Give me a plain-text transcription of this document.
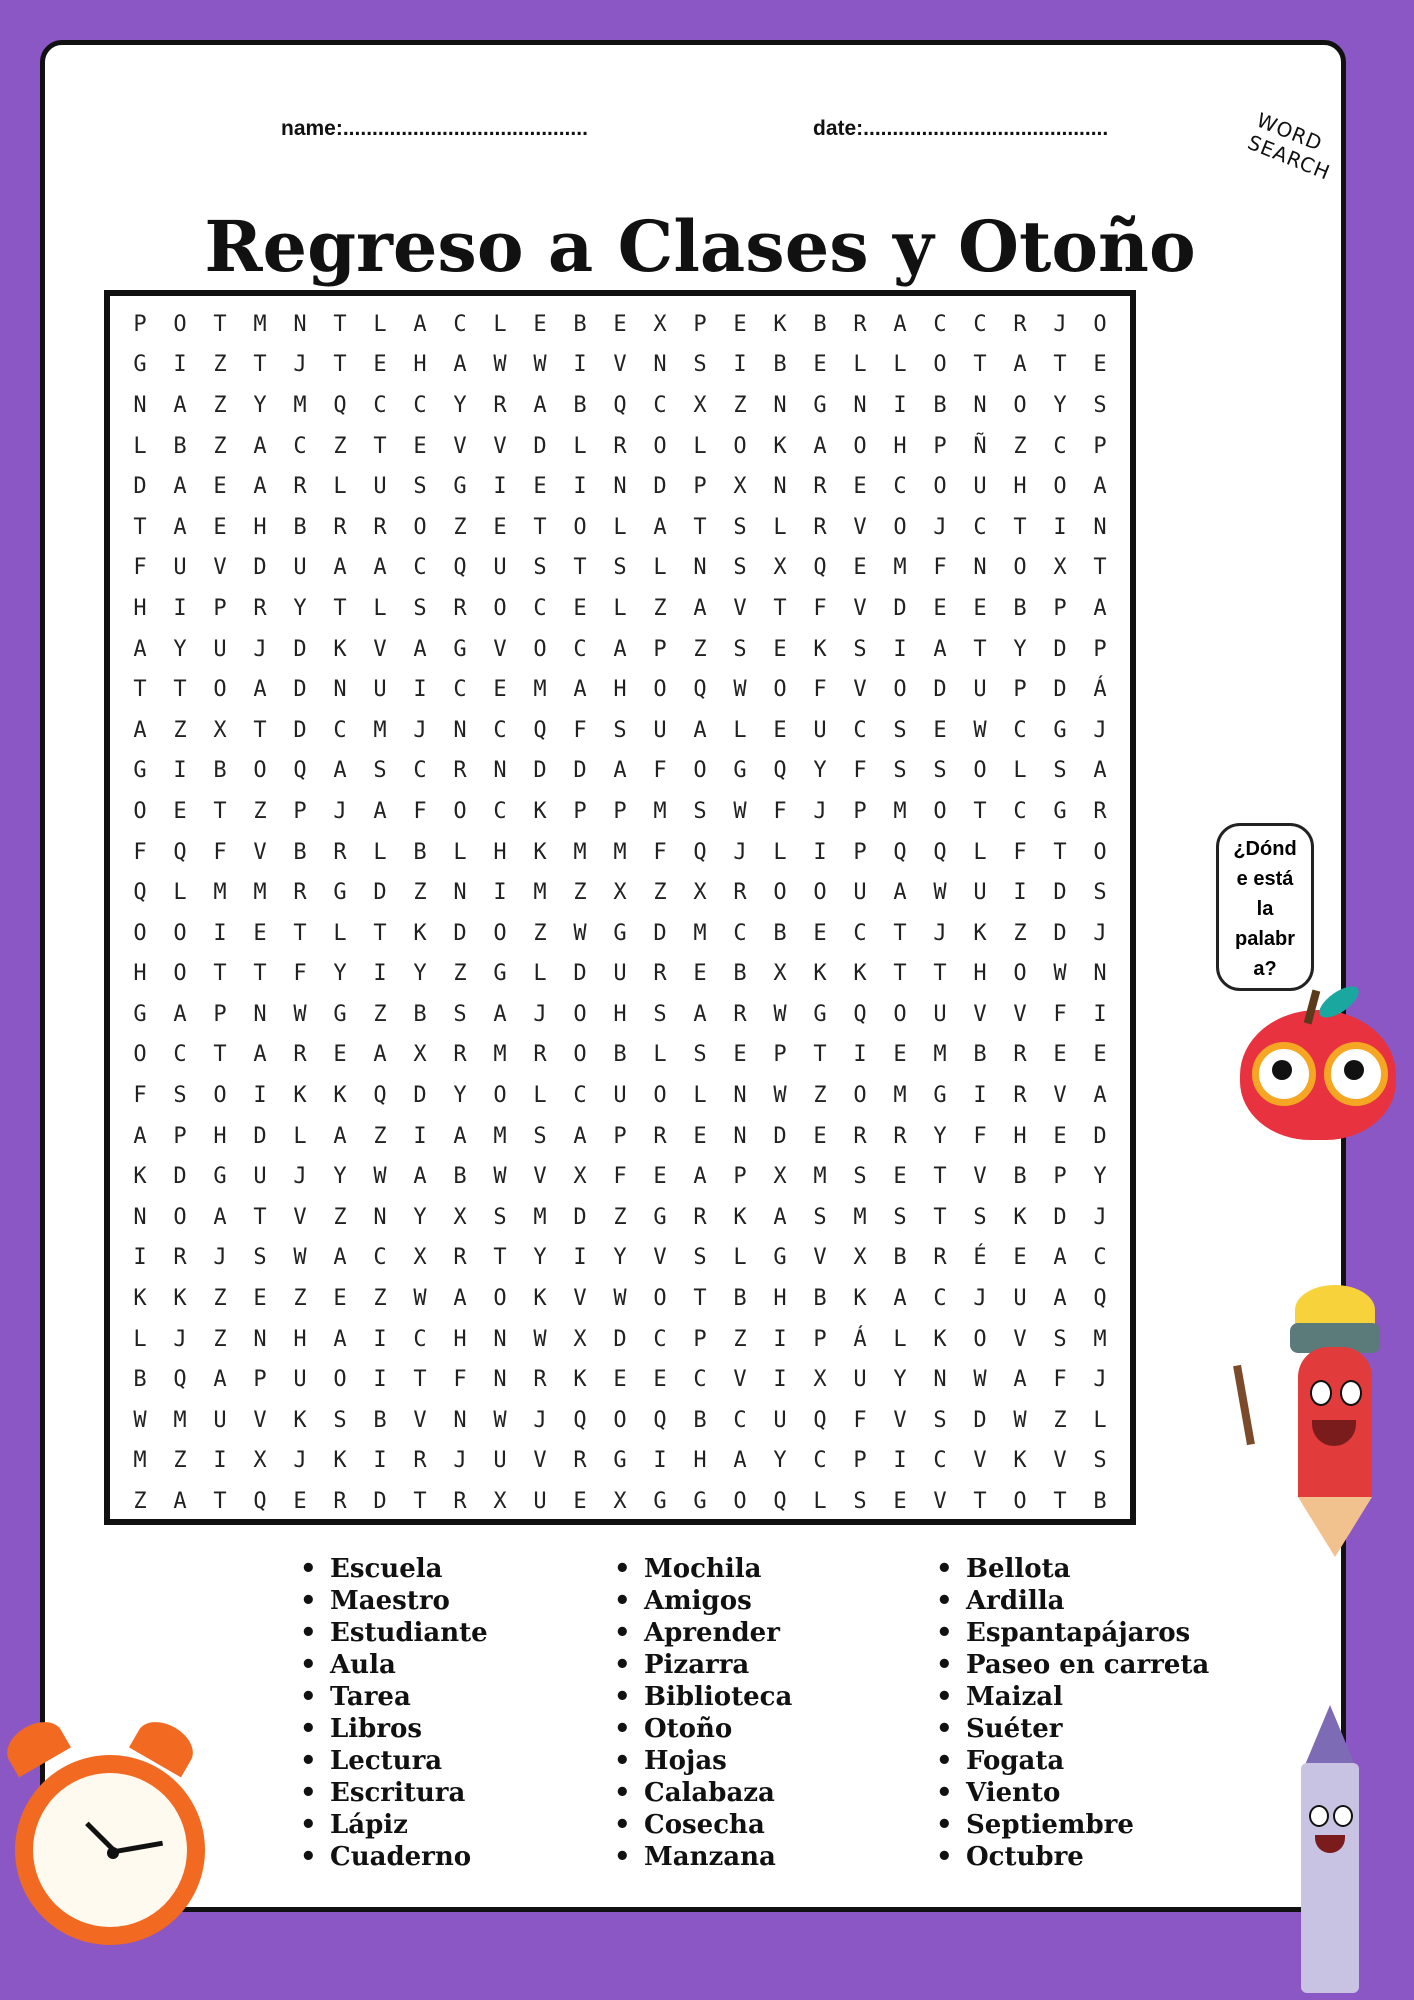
name:..........................................	date:..........................................	WORD SEARCH
Regreso a Clases y Otoño
P	O	T	M	N	T	L	A	C	L	E	B	E	X	P	E	K	B	R	A	C	C	R	J	O
G	I	Z	T	J	T	E	H	A	W	W	I	V	N	S	I	B	E	L	L	O	T	A	T	E
N	A	Z	Y	M	Q	C	C	Y	R	A	B	Q	C	X	Z	N	G	N	I	B	N	O	Y	S
L	B	Z	A	C	Z	T	E	V	V	D	L	R	O	L	O	K	A	O	H	P	Ñ	Z	C	P
D	A	E	A	R	L	U	S	G	I	E	I	N	D	P	X	N	R	E	C	O	U	H	O	A
T	A	E	H	B	R	R	O	Z	E	T	O	L	A	T	S	L	R	V	O	J	C	T	I	N
F	U	V	D	U	A	A	C	Q	U	S	T	S	L	N	S	X	Q	E	M	F	N	O	X	T
H	I	P	R	Y	T	L	S	R	O	C	E	L	Z	A	V	T	F	V	D	E	E	B	P	A
A	Y	U	J	D	K	V	A	G	V	O	C	A	P	Z	S	E	K	S	I	A	T	Y	D	P
T	T	O	A	D	N	U	I	C	E	M	A	H	O	Q	W	O	F	V	O	D	U	P	D	Á
A	Z	X	T	D	C	M	J	N	C	Q	F	S	U	A	L	E	U	C	S	E	W	C	G	J
G	I	B	O	Q	A	S	C	R	N	D	D	A	F	O	G	Q	Y	F	S	S	O	L	S	A
O	E	T	Z	P	J	A	F	O	C	K	P	P	M	S	W	F	J	P	M	O	T	C	G	R
F	Q	F	V	B	R	L	B	L	H	K	M	M	F	Q	J	L	I	P	Q	Q	L	F	T	O
Q	L	M	M	R	G	D	Z	N	I	M	Z	X	Z	X	R	O	O	U	A	W	U	I	D	S
O	O	I	E	T	L	T	K	D	O	Z	W	G	D	M	C	B	E	C	T	J	K	Z	D	J
H	O	T	T	F	Y	I	Y	Z	G	L	D	U	R	E	B	X	K	K	T	T	H	O	W	N
G	A	P	N	W	G	Z	B	S	A	J	O	H	S	A	R	W	G	Q	O	U	V	V	F	I
O	C	T	A	R	E	A	X	R	M	R	O	B	L	S	E	P	T	I	E	M	B	R	E	E
F	S	O	I	K	K	Q	D	Y	O	L	C	U	O	L	N	W	Z	O	M	G	I	R	V	A
A	P	H	D	L	A	Z	I	A	M	S	A	P	R	E	N	D	E	R	R	Y	F	H	E	D
K	D	G	U	J	Y	W	A	B	W	V	X	F	E	A	P	X	M	S	E	T	V	B	P	Y
N	O	A	T	V	Z	N	Y	X	S	M	D	Z	G	R	K	A	S	M	S	T	S	K	D	J
I	R	J	S	W	A	C	X	R	T	Y	I	Y	V	S	L	G	V	X	B	R	É	E	A	C
K	K	Z	E	Z	E	Z	W	A	O	K	V	W	O	T	B	H	B	K	A	C	J	U	A	Q
L	J	Z	N	H	A	I	C	H	N	W	X	D	C	P	Z	I	P	Á	L	K	O	V	S	M
B	Q	A	P	U	O	I	T	F	N	R	K	E	E	C	V	I	X	U	Y	N	W	A	F	J
W	M	U	V	K	S	B	V	N	W	J	Q	O	Q	B	C	U	Q	F	V	S	D	W	Z	L
M	Z	I	X	J	K	I	R	J	U	V	R	G	I	H	A	Y	C	P	I	C	V	K	V	S
Z	A	T	Q	E	R	D	T	R	X	U	E	X	G	G	O	Q	L	S	E	V	T	O	T	B
• Escuela
• Maestro
• Estudiante
• Aula
• Tarea
• Libros
• Lectura
• Escritura
• Lápiz
• Cuaderno
• Mochila
• Amigos
• Aprender
• Pizarra
• Biblioteca
• Otoño
• Hojas
• Calabaza
• Cosecha
• Manzana
• Bellota
• Ardilla
• Espantapájaros
• Paseo en carreta
• Maizal
• Suéter
• Fogata
• Viento
• Septiembre
• Octubre
¿Dónd
e está
la
palabr
a?
